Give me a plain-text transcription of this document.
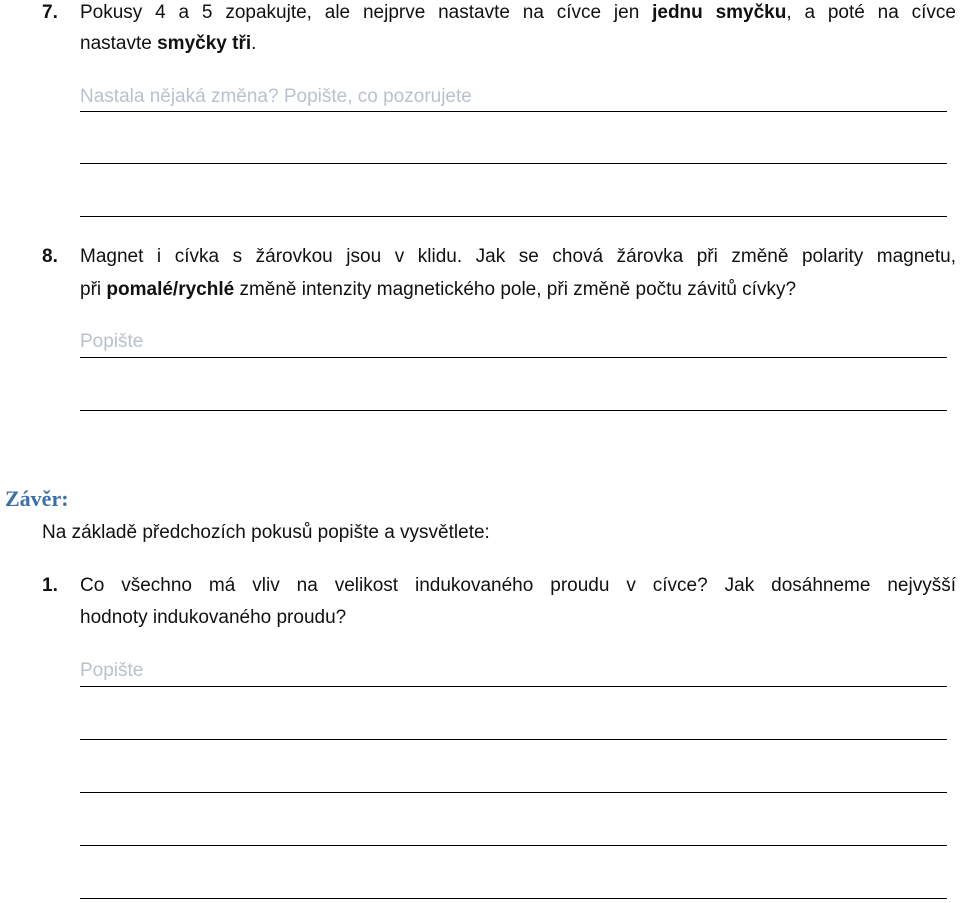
7. Pokusy 4 a 5 zopakujte, ale nejprve nastavte na cívce jen jednu smyčku, a poté na cívce
nastavte smyčky tři.
Nastala nějaká změna? Popište, co pozorujete
8. Magnet i cívka s žárovkou jsou v klidu. Jak se chová žárovka při změně polarity magnetu,
při pomalé/rychlé změně intenzity magnetického pole, při změně počtu závitů cívky?
Popište
Závěr:
Na základě předchozích pokusů popište a vysvětlete:
1. Co všechno má vliv na velikost indukovaného proudu v cívce? Jak dosáhneme nejvyšší
hodnoty indukovaného proudu?
Popište
